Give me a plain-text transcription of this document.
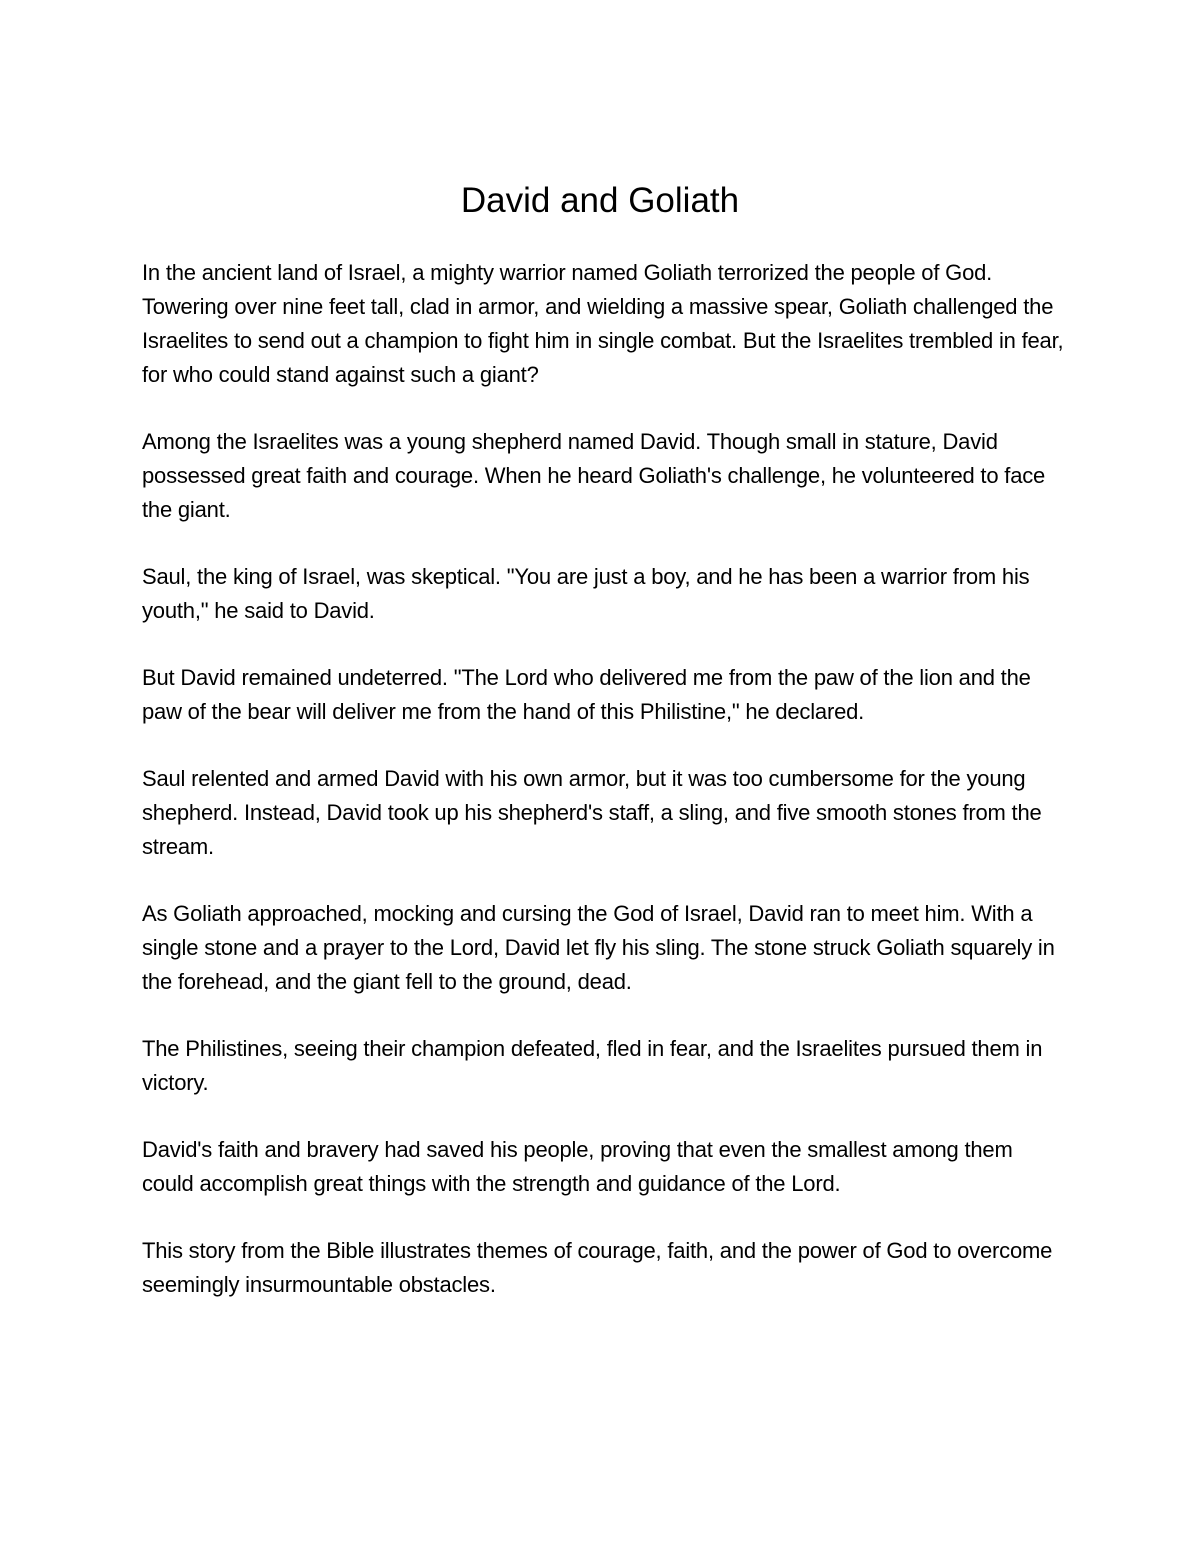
David and Goliath

In the ancient land of Israel, a mighty warrior named Goliath terrorized the people of God. Towering over nine feet tall, clad in armor, and wielding a massive spear, Goliath challenged the Israelites to send out a champion to fight him in single combat. But the Israelites trembled in fear, for who could stand against such a giant?

Among the Israelites was a young shepherd named David. Though small in stature, David possessed great faith and courage. When he heard Goliath's challenge, he volunteered to face the giant.

Saul, the king of Israel, was skeptical. "You are just a boy, and he has been a warrior from his youth," he said to David.

But David remained undeterred. "The Lord who delivered me from the paw of the lion and the paw of the bear will deliver me from the hand of this Philistine," he declared.

Saul relented and armed David with his own armor, but it was too cumbersome for the young shepherd. Instead, David took up his shepherd's staff, a sling, and five smooth stones from the stream.

As Goliath approached, mocking and cursing the God of Israel, David ran to meet him. With a single stone and a prayer to the Lord, David let fly his sling. The stone struck Goliath squarely in the forehead, and the giant fell to the ground, dead.

The Philistines, seeing their champion defeated, fled in fear, and the Israelites pursued them in victory.

David's faith and bravery had saved his people, proving that even the smallest among them could accomplish great things with the strength and guidance of the Lord.

This story from the Bible illustrates themes of courage, faith, and the power of God to overcome seemingly insurmountable obstacles.
